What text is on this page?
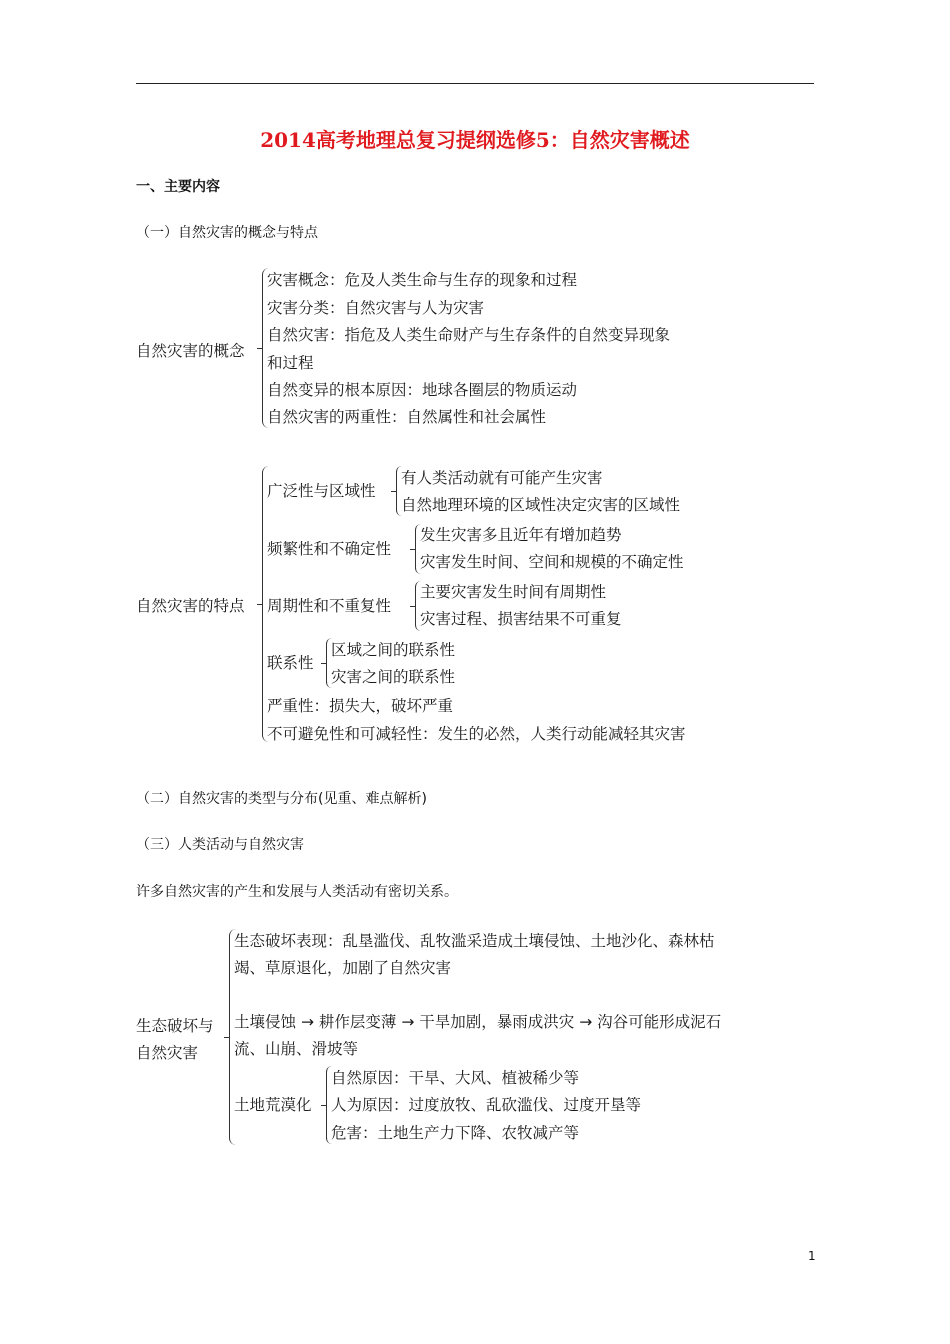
2014高考地理总复习提纲选修5：自然灾害概述
一、主要内容
（一）自然灾害的概念与特点
自然灾害的概念
灾害概念：危及人类生命与生存的现象和过程
灾害分类：自然灾害与人为灾害
自然灾害：指危及人类生命财产与生存条件的自然变异现象
和过程
自然变异的根本原因：地球各圈层的物质运动
自然灾害的两重性：自然属性和社会属性
自然灾害的特点
广泛性与区域性
有人类活动就有可能产生灾害
自然地理环境的区域性决定灾害的区域性
频繁性和不确定性
发生灾害多且近年有增加趋势
灾害发生时间、空间和规模的不确定性
周期性和不重复性
主要灾害发生时间有周期性
灾害过程、损害结果不可重复
联系性
区域之间的联系性
灾害之间的联系性
严重性：损失大，破坏严重
不可避免性和可减轻性：发生的必然，人类行动能减轻其灾害
（二）自然灾害的类型与分布(见重、难点解析)
（三）人类活动与自然灾害
许多自然灾害的产生和发展与人类活动有密切关系。
生态破坏与
自然灾害
生态破坏表现：乱垦滥伐、乱牧滥采造成土壤侵蚀、土地沙化、森林枯
竭、草原退化，加剧了自然灾害
土壤侵蚀 → 耕作层变薄 → 干旱加剧，暴雨成洪灾 → 沟谷可能形成泥石
流、山崩、滑坡等
土地荒漠化
自然原因：干旱、大风、植被稀少等
人为原因：过度放牧、乱砍滥伐、过度开垦等
危害：土地生产力下降、农牧减产等
1
